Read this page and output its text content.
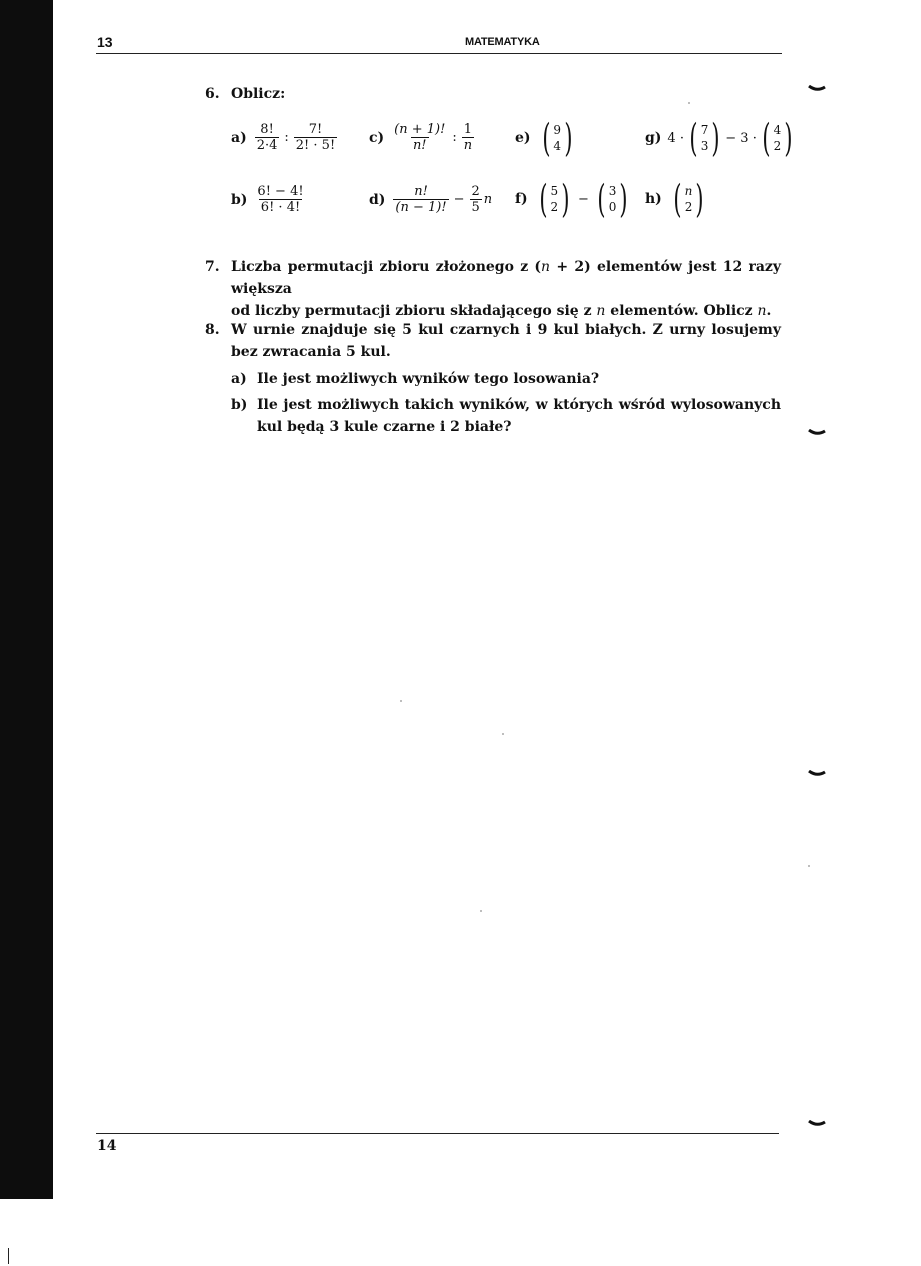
13	MATEMATYKA
6. Oblicz:
$a) \frac{8!}{2\cdot 4}$ : $\frac{7!}{2! \cdot 5!} c) \frac{(n + 1)!}{n!}$ : $\frac{1}{n}$	e) ( 9
4 )	g) 4 · ( 7
3 ) − 3 · ( 4
2 )
$b) \frac{6! - 4!}{6! \cdot 4!}$	$d) \frac{n!}{(n - 1)!} - \frac{2}{5}$ n f) ( 5
2 ) − ( 3
0 ) h) ( n
2 )
7. Liczba permutacji zbioru złożonego z (n + 2) elementów jest 12 razy większa
od liczby permutacji zbioru składającego się z n elementów. Oblicz n.
8. W urnie znajduje się 5 kul czarnych i 9 kul białych. Z urny losujemy bez zwracania 5 kul.
a) Ile jest możliwych wyników tego losowania?
b) Ile jest możliwych takich wyników, w których wśród wylosowanych kul będą 3 kule czarne i 2 białe?
14
